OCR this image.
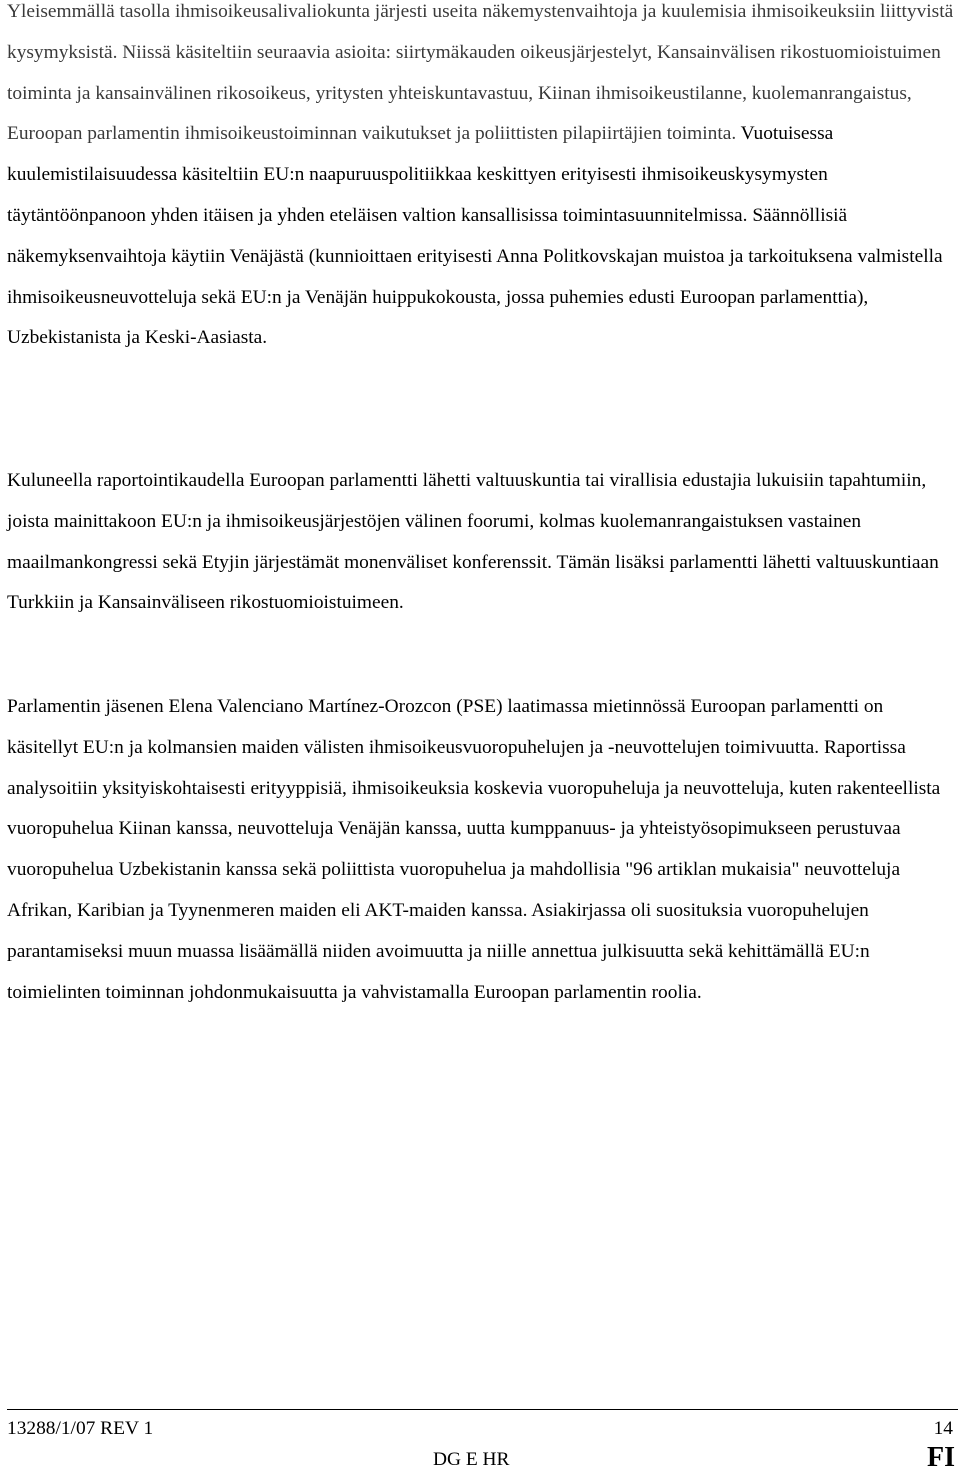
Yleisemmällä tasolla ihmisoikeusalivaliokunta järjesti useita näkemystenvaihtoja ja kuulemisia ihmisoikeuksiin liittyvistä kysymyksistä. Niissä käsiteltiin seuraavia asioita: siirtymäkauden oikeusjärjestelyt, Kansainvälisen rikostuomioistuimen toiminta ja kansainvälinen rikosoikeus, yritysten yhteiskuntavastuu, Kiinan ihmisoikeustilanne, kuolemanrangaistus, Euroopan parlamentin ihmisoikeustoiminnan vaikutukset ja poliittisten pilapiirtäjien toiminta. Vuotuisessa kuulemistilaisuudessa käsiteltiin EU:n naapuruuspolitiikkaa keskittyen erityisesti ihmisoikeuskysymysten täytäntöönpanoon yhden itäisen ja yhden eteläisen valtion kansallisissa toimintasuunnitelmissa. Säännöllisiä näkemyksenvaihtoja käytiin Venäjästä (kunnioittaen erityisesti Anna Politkovskajan muistoa ja tarkoituksena valmistella ihmisoikeusneuvotteluja sekä EU:n ja Venäjän huippukokousta, jossa puhemies edusti Euroopan parlamenttia), Uzbekistanista ja Keski-Aasiasta.

Kuluneella raportointikaudella Euroopan parlamentti lähetti valtuuskuntia tai virallisia edustajia lukuisiin tapahtumiin, joista mainittakoon EU:n ja ihmisoikeusjärjestöjen välinen foorumi, kolmas kuolemanrangaistuksen vastainen maailmankongressi sekä Etyjin järjestämät monenväliset konferenssit. Tämän lisäksi parlamentti lähetti valtuuskuntiaan Turkkiin ja Kansainväliseen rikostuomioistuimeen.

Parlamentin jäsenen Elena Valenciano Martínez-Orozcon (PSE) laatimassa mietinnössä Euroopan parlamentti on käsitellyt EU:n ja kolmansien maiden välisten ihmisoikeusvuoropuhelujen ja -neuvottelujen toimivuutta. Raportissa analysoitiin yksityiskohtaisesti erityyppisiä, ihmisoikeuksia koskevia vuoropuheluja ja neuvotteluja, kuten rakenteellista vuoropuhelua Kiinan kanssa, neuvotteluja Venäjän kanssa, uutta kumppanuus- ja yhteistyösopimukseen perustuvaa vuoropuhelua Uzbekistanin kanssa sekä poliittista vuoropuhelua ja mahdollisia "96 artiklan mukaisia" neuvotteluja Afrikan, Karibian ja Tyynenmeren maiden eli AKT-maiden kanssa. Asiakirjassa oli suosituksia vuoropuhelujen parantamiseksi muun muassa lisäämällä niiden avoimuutta ja niille annettua julkisuutta sekä kehittämällä EU:n toimielinten toiminnan johdonmukaisuutta ja vahvistamalla Euroopan parlamentin roolia.

13288/1/07 REV 1	14
DG E HR	FI
